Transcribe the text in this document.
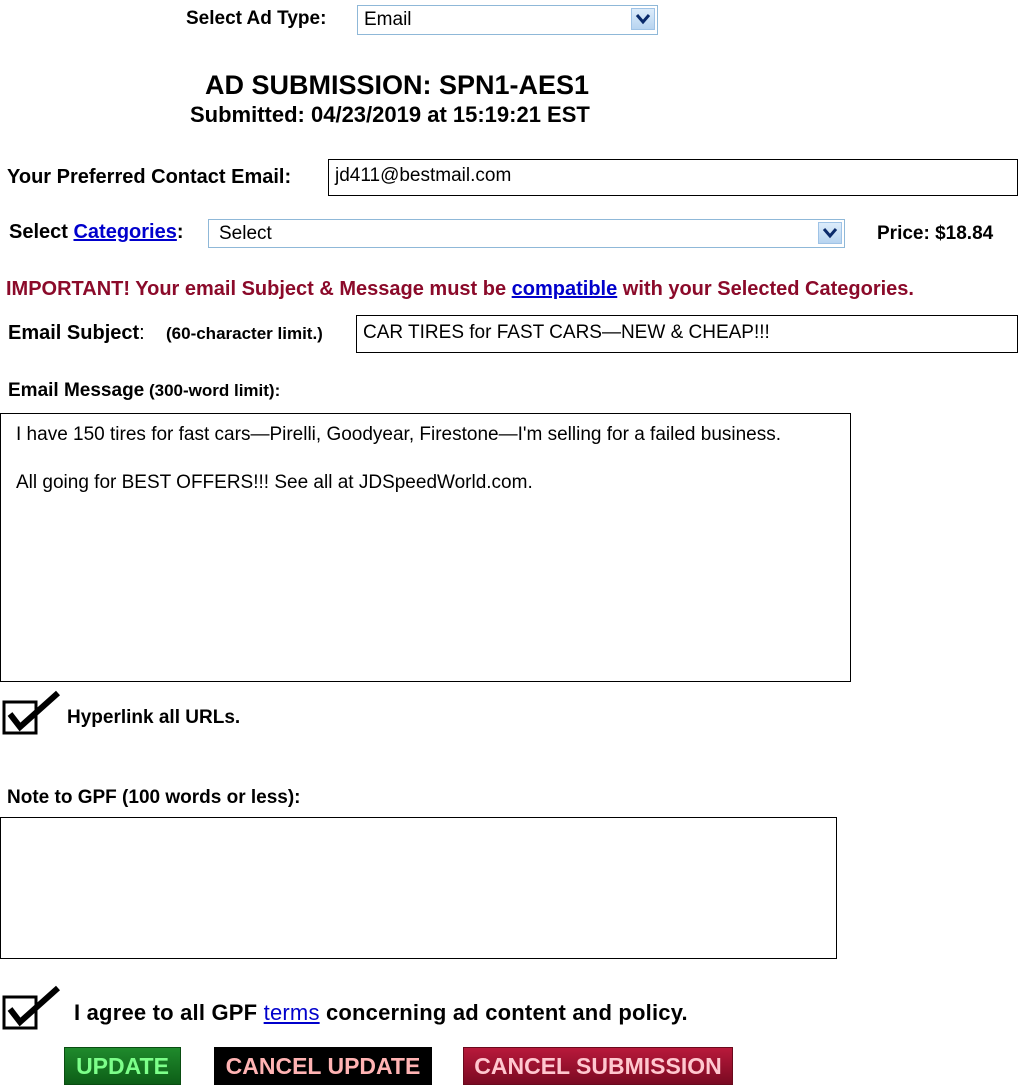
Select Ad Type: Email
AD SUBMISSION: SPN1-AES1
Submitted: 04/23/2019 at 15:19:21 EST
Your Preferred Contact Email:	jd411@bestmail.com
Select Categories: Select	Price: $18.84
IMPORTANT! Your email Subject & Message must be compatible with your Selected Categories.
Email Subject: (60-character limit.)	CAR TIRES for FAST CARS—NEW & CHEAP!!!
Email Message (300-word limit):

I have 150 tires for fast cars—Pirelli, Goodyear, Firestone—I'm selling for a failed business.

All going for BEST OFFERS!!! See all at JDSpeedWorld.com.

Hyperlink all URLs.
Note to GPF (100 words or less):
I agree to all GPF terms concerning ad content and policy.
UPDATE	CANCEL UPDATE	CANCEL SUBMISSION
